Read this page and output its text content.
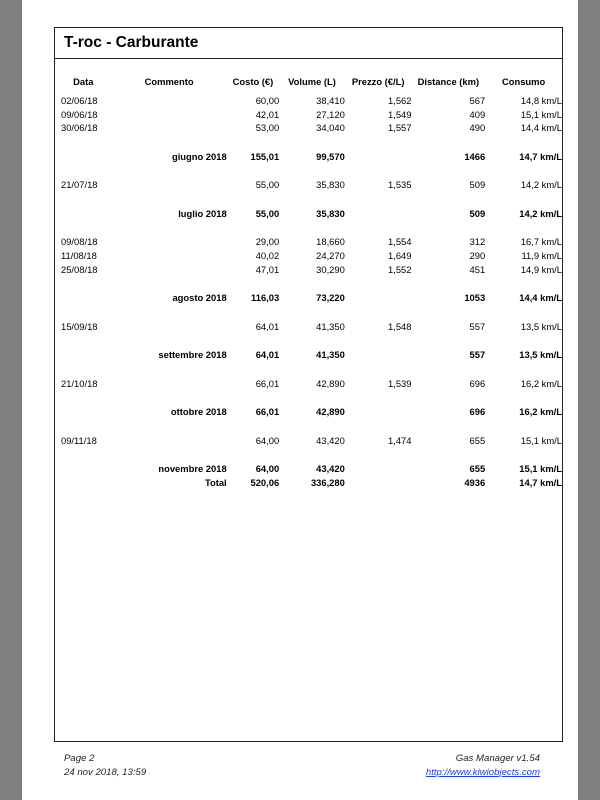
T-roc - Carburante
Data	Commento	Costo (€)	Volume (L)	Prezzo (€/L)	Distance (km)	Consumo

02/06/18		60,00	38,410	1,562	567	14,8 km/L
09/06/18		42,01	27,120	1,549	409	15,1 km/L
30/06/18		53,00	34,040	1,557	490	14,4 km/L

	giugno 2018	155,01	99,570		1466	14,7 km/L

21/07/18		55,00	35,830	1,535	509	14,2 km/L

	luglio 2018	55,00	35,830		509	14,2 km/L

09/08/18		29,00	18,660	1,554	312	16,7 km/L
11/08/18		40,02	24,270	1,649	290	11,9 km/L
25/08/18		47,01	30,290	1,552	451	14,9 km/L

	agosto 2018	116,03	73,220		1053	14,4 km/L

15/09/18		64,01	41,350	1,548	557	13,5 km/L

	settembre 2018	64,01	41,350		557	13,5 km/L

21/10/18		66,01	42,890	1,539	696	16,2 km/L

	ottobre 2018	66,01	42,890		696	16,2 km/L

09/11/18		64,00	43,420	1,474	655	15,1 km/L

	novembre 2018	64,00	43,420		655	15,1 km/L
	Total	520,06	336,280		4936	14,7 km/L
Page 2
24 nov 2018, 13:59
Gas Manager v1.54
http://www.kiwiobjects.com
